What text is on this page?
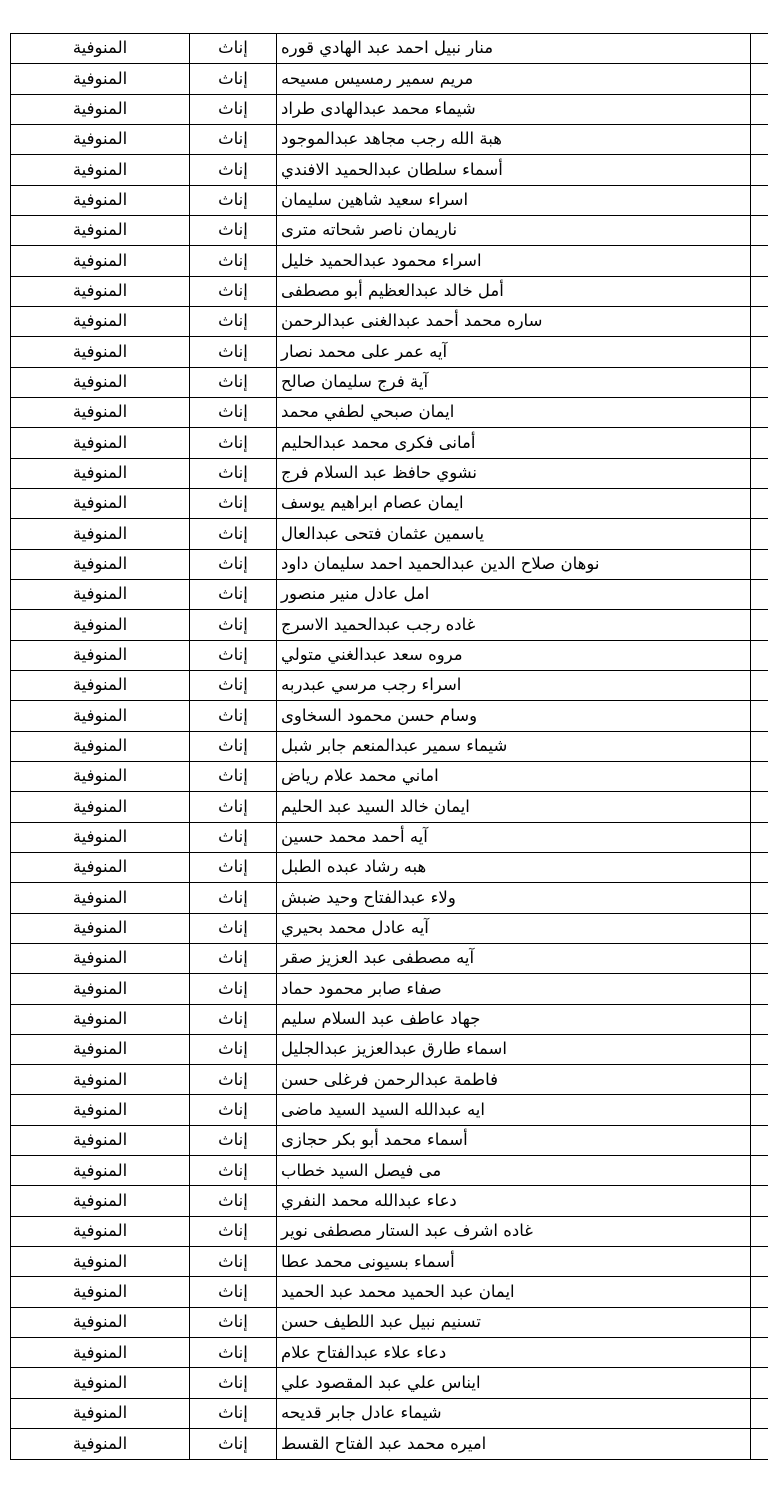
المنوفية	إناث	منار نبيل احمد عبد الهادي قوره	
المنوفية	إناث	مريم سمير رمسيس مسيحه	
المنوفية	إناث	شيماء محمد عبدالهادى طراد	
المنوفية	إناث	هبة الله رجب مجاهد عبدالموجود	
المنوفية	إناث	أسماء سلطان عبدالحميد الافندي	
المنوفية	إناث	اسراء سعيد شاهين سليمان	
المنوفية	إناث	ناريمان ناصر شحاته مترى	
المنوفية	إناث	اسراء محمود عبدالحميد خليل	
المنوفية	إناث	أمل خالد عبدالعظيم أبو مصطفى	
المنوفية	إناث	ساره محمد أحمد عبدالغنى عبدالرحمن	
المنوفية	إناث	آيه عمر على محمد نصار	
المنوفية	إناث	آية فرج سليمان صالح	
المنوفية	إناث	ايمان صبحي لطفي محمد	
المنوفية	إناث	أمانى فكرى محمد عبدالحليم	
المنوفية	إناث	نشوي حافظ عبد السلام فرج	
المنوفية	إناث	ايمان عصام ابراهيم يوسف	
المنوفية	إناث	ياسمين عثمان فتحى عبدالعال	
المنوفية	إناث	نوهان صلاح الدين عبدالحميد احمد سليمان داود	
المنوفية	إناث	امل عادل منير منصور	
المنوفية	إناث	غاده رجب عبدالحميد الاسرج	
المنوفية	إناث	مروه سعد عبدالغني متولي	
المنوفية	إناث	اسراء رجب مرسي عبدربه	
المنوفية	إناث	وسام حسن محمود السخاوى	
المنوفية	إناث	شيماء سمير عبدالمنعم جابر شبل	
المنوفية	إناث	اماني محمد علام رياض	
المنوفية	إناث	ايمان خالد السيد عبد الحليم	
المنوفية	إناث	آيه أحمد محمد حسين	
المنوفية	إناث	هبه رشاد عبده الطبل	
المنوفية	إناث	ولاء عبدالفتاح وحيد ضبش	
المنوفية	إناث	آيه عادل محمد بحيري	
المنوفية	إناث	آيه مصطفى عبد العزيز صقر	
المنوفية	إناث	صفاء صابر محمود حماد	
المنوفية	إناث	جهاد عاطف عبد السلام سليم	
المنوفية	إناث	اسماء طارق عبدالعزيز عبدالجليل	
المنوفية	إناث	فاطمة عبدالرحمن فرغلى حسن	
المنوفية	إناث	ايه عبدالله السيد السيد ماضى	
المنوفية	إناث	أسماء محمد أبو بكر حجازى	
المنوفية	إناث	مى فيصل السيد خطاب	
المنوفية	إناث	دعاء عبدالله محمد النفري	
المنوفية	إناث	غاده اشرف عبد الستار مصطفى نوير	
المنوفية	إناث	أسماء بسيونى محمد عطا	
المنوفية	إناث	ايمان عبد الحميد محمد عبد الحميد	
المنوفية	إناث	تسنيم نبيل عبد اللطيف حسن	
المنوفية	إناث	دعاء علاء عبدالفتاح علام	
المنوفية	إناث	ايناس علي عبد المقصود علي	
المنوفية	إناث	شيماء عادل جابر قديحه	
المنوفية	إناث	اميره محمد عبد الفتاح القسط	
